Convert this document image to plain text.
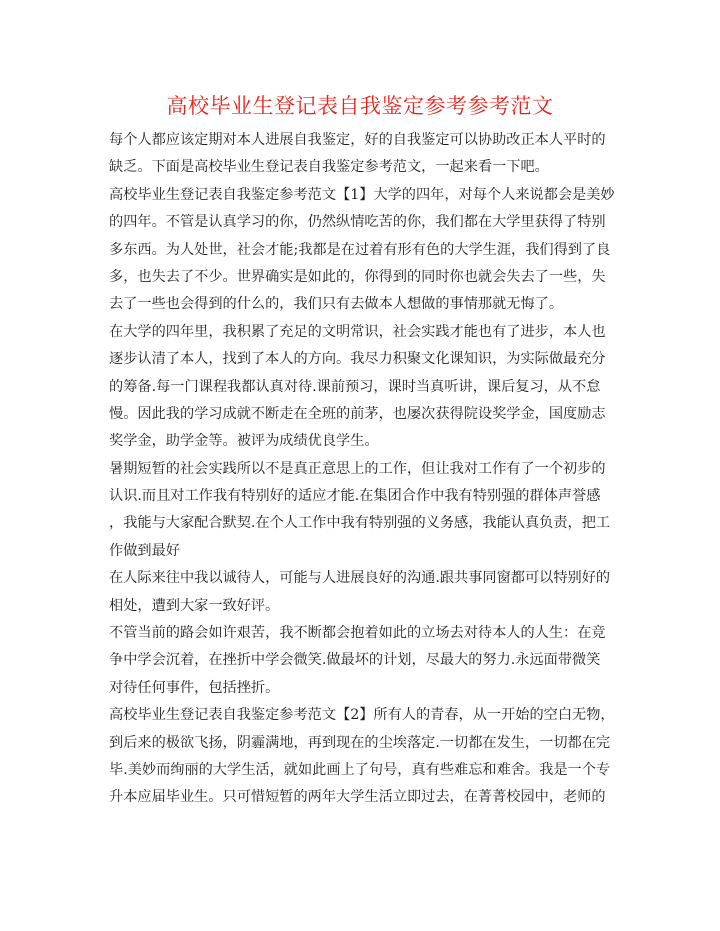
高校毕业生登记表自我鉴定参考参考范文
每个人都应该定期对本人进展自我鉴定，好的自我鉴定可以协助改正本人平时的
缺乏。下面是高校毕业生登记表自我鉴定参考范文，一起来看一下吧。
高校毕业生登记表自我鉴定参考范文【1】大学的四年，对每个人来说都会是美妙
的四年。不管是认真学习的你，仍然纵情吃苦的你，我们都在大学里获得了特别
多东西。为人处世，社会才能;我都是在过着有形有色的大学生涯，我们得到了良
多，也失去了不少。世界确实是如此的，你得到的同时你也就会失去了一些，失
去了一些也会得到的什么的，我们只有去做本人想做的事情那就无悔了。
在大学的四年里，我积累了充足的文明常识，社会实践才能也有了进步，本人也
逐步认清了本人，找到了本人的方向。我尽力积聚文化课知识，为实际做最充分
的筹备.每一门课程我都认真对待.课前预习，课时当真听讲，课后复习，从不怠
慢。因此我的学习成就不断走在全班的前茅，也屡次获得院设奖学金，国度励志
奖学金，助学金等。被评为成绩优良学生。
暑期短暂的社会实践所以不是真正意思上的工作，但让我对工作有了一个初步的
认识.而且对工作我有特别好的适应才能.在集团合作中我有特别强的群体声誉感
，我能与大家配合默契.在个人工作中我有特别强的义务感，我能认真负责，把工
作做到最好
在人际来往中我以诚待人，可能与人进展良好的沟通.跟共事同窗都可以特别好的
相处，遭到大家一致好评。
不管当前的路会如许艰苦，我不断都会抱着如此的立场去对待本人的人生：在竞
争中学会沉着，在挫折中学会微笑.做最坏的计划，尽最大的努力.永远面带微笑
对待任何事件，包括挫折。
高校毕业生登记表自我鉴定参考范文【2】所有人的青春，从一开始的空白无物，
到后来的极欲飞扬，阴霾满地，再到现在的尘埃落定.一切都在发生，一切都在完
毕.美妙而绚丽的大学生活，就如此画上了句号，真有些难忘和难舍。我是一个专
升本应届毕业生。只可惜短暂的两年大学生活立即过去，在菁菁校园中，老师的
